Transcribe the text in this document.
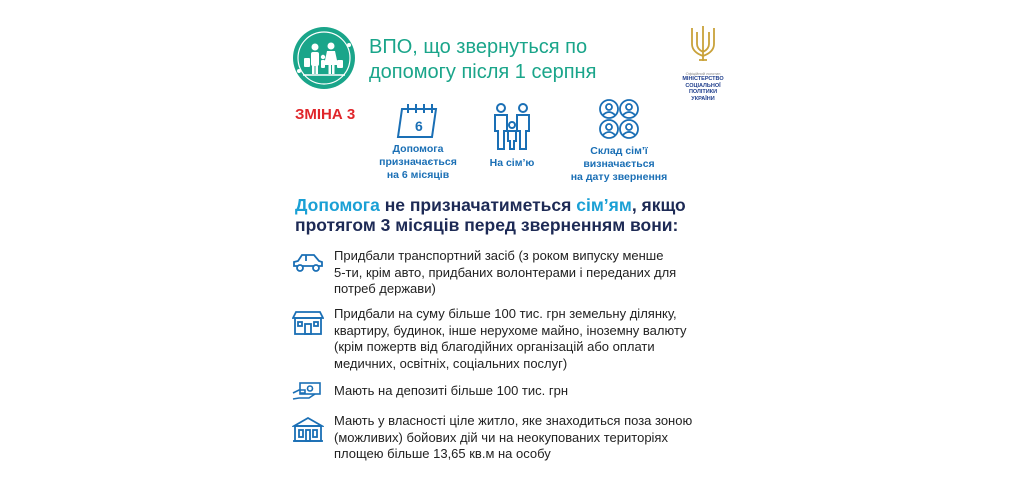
ВПО, що звернуться по
допомогу після 1 серпня	Офіційний логотип
МІНІСТЕРСТВО
СОЦІАЛЬНОЇ ПОЛІТИКИ
УКРАЇНИ
ЗМІНА 3
6
Допомога
призначається
на 6 місяців
На сім’ю
Склад сім’ї
визначається
на дату звернення
Допомога не призначатиметься сім’ям, якщо
протягом 3 місяців перед зверненням вони:
Придбали транспортний засіб (з роком випуску менше
5-ти, крім авто, придбаних волонтерами і переданих для
потреб держави)
Придбали на суму більше 100 тис. грн земельну ділянку,
квартиру, будинок, інше нерухоме майно, іноземну валюту
(крім пожертв від благодійних організацій або оплати
медичних, освітніх, соціальних послуг)
Мають на депозиті більше 100 тис. грн
Мають у власності ціле житло, яке знаходиться поза зоною
(можливих) бойових дій чи на неокупованих територіях
площею більше 13,65 кв.м на особу
